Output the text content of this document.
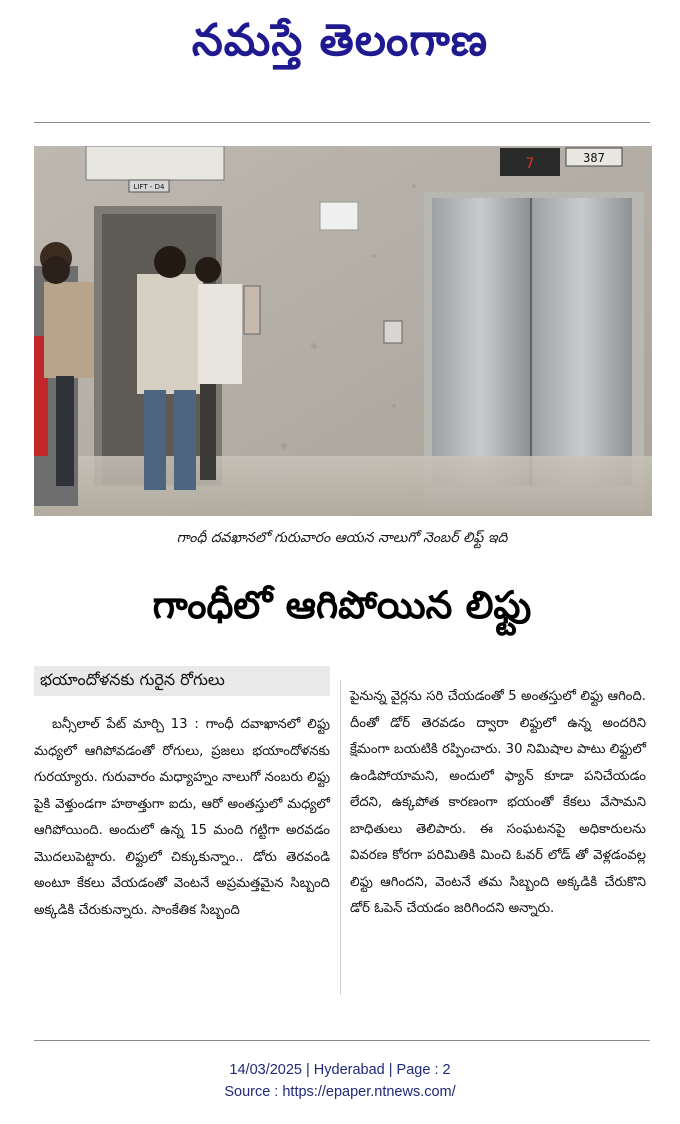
నమస్తే తెలంగాణ
LIFT - D4
7	387
గాంధీ దవఖానలో గురువారం ఆయన నాలుగో నెంబర్ లిఫ్ట్ ఇది
గాంధీలో ఆగిపోయిన లిఫ్టు
భయాందోళనకు గురైన రోగులు
బన్సీలాల్ పేట్ మార్చి 13 : గాంధీ దవాఖానలో లిఫ్టు మధ్యలో ఆగిపోవడంతో రోగులు, ప్రజలు భయాందోళనకు గురయ్యారు. గురువారం మధ్యాహ్నం నాలుగో నంబరు లిఫ్టు పైకి వెళ్తుండగా హఠాత్తుగా ఐదు, ఆరో అంతస్తులో మధ్యలో ఆగిపోయింది. అందులో ఉన్న 15 మంది గట్టిగా అరవడం మొదలుపెట్టారు. లిఫ్టులో చిక్కుకున్నాం.. డోరు తెరవండి అంటూ కేకలు వేయడంతో వెంటనే అప్రమత్తమైన సిబ్బంది అక్కడికి చేరుకున్నారు. సాంకేతిక సిబ్బంది
పైనున్న వైర్లను సరి చేయడంతో 5 అంతస్తులో లిఫ్టు ఆగింది. దీంతో డోర్ తెరవడం ద్వారా లిఫ్టులో ఉన్న అందరిని క్షేమంగా బయటికి రప్పించారు. 30 నిమిషాల పాటు లిఫ్టులో ఉండిపోయామని, అందులో ఫ్యాన్ కూడా పనిచేయడం లేదని, ఉక్కపోత కారణంగా భయంతో కేకలు వేసామని బాధితులు తెలిపారు. ఈ సంఘటనపై అధికారులను వివరణ కోరగా పరిమితికి మించి ఓవర్ లోడ్ తో వెళ్లడంవల్ల లిఫ్టు ఆగిందని, వెంటనే తమ సిబ్బంది అక్కడికి చేరుకొని డోర్ ఓపెన్ చేయడం జరిగిందని అన్నారు.
14/03/2025 | Hyderabad | Page : 2
Source : https://epaper.ntnews.com/
